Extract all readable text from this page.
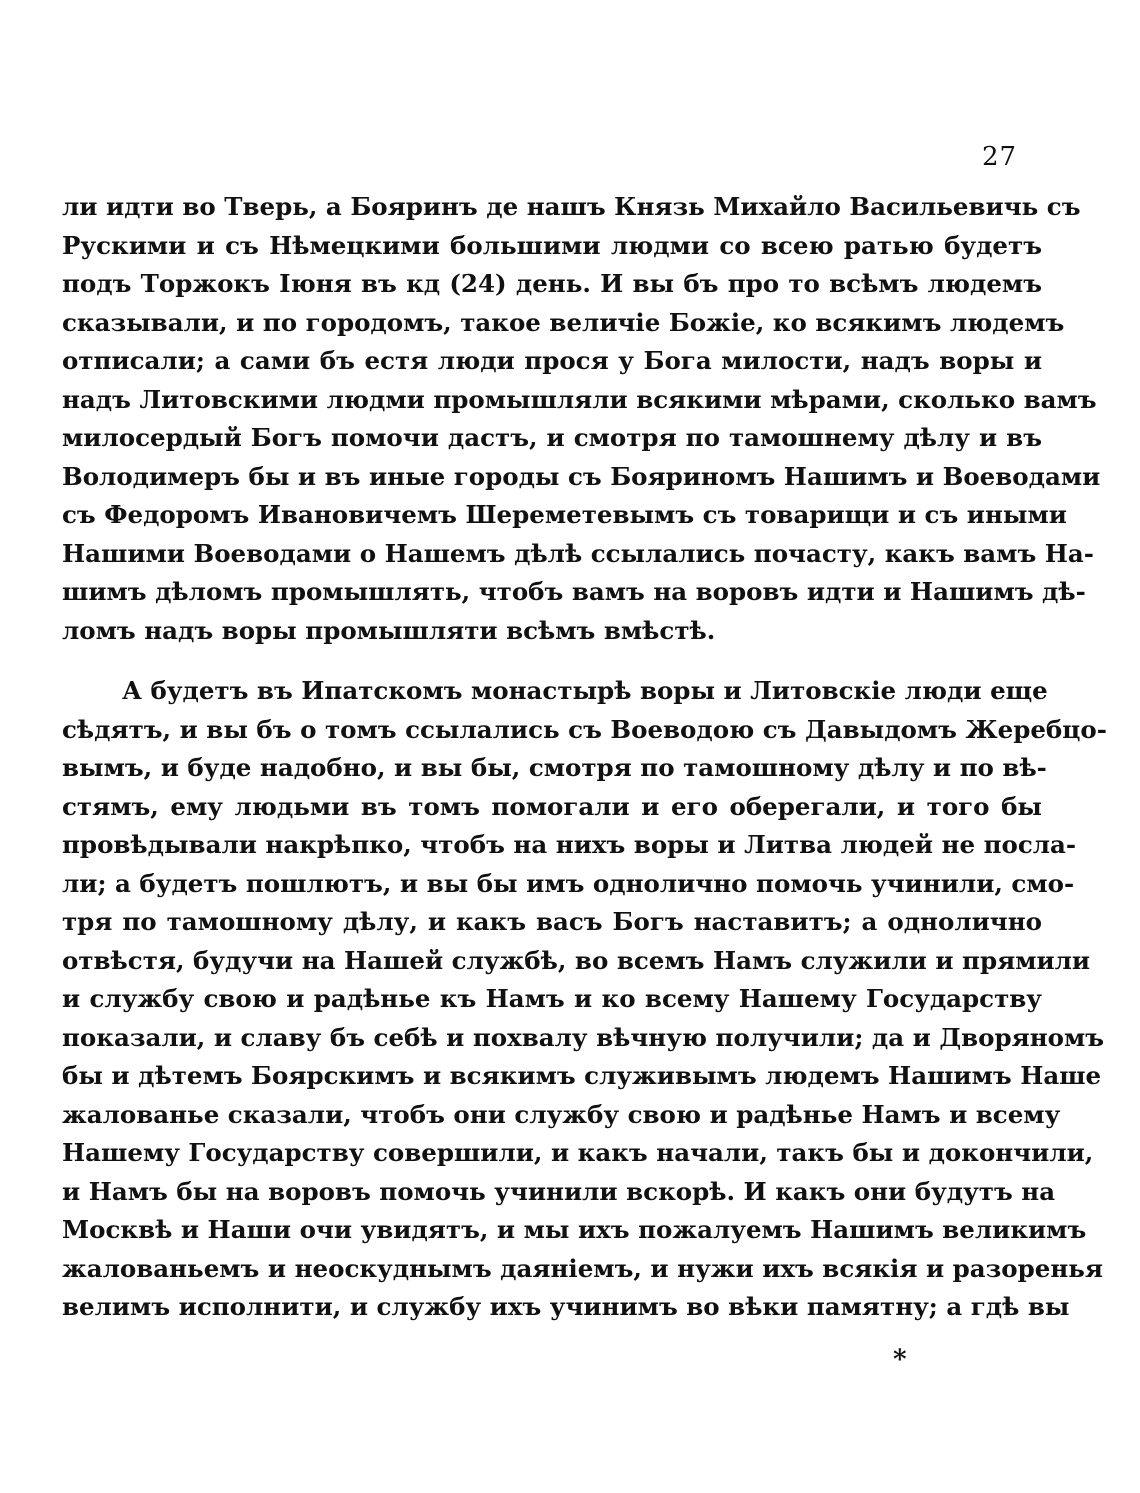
27
ли идти во Тверь, а Бояринъ де нашъ Князь Михайло Васильевичь съ
Рускими и съ Нѣмецкими большими людми со всею ратью будетъ
подъ Торжокъ Іюня въ кд (24) день. И вы бъ про то всѣмъ людемъ
сказывали, и по городомъ, такое величіе Божіе, ко всякимъ людемъ
отписали; а сами бъ естя люди прося у Бога милости, надъ воры и
надъ Литовскими людми промышляли всякими мѣрами, сколько вамъ
милосердый Богъ помочи дастъ, и смотря по тамошнему дѣлу и въ
Володимеръ бы и въ иные городы съ Бояриномъ Нашимъ и Воеводами
съ Федоромъ Ивановичемъ Шереметевымъ съ товарищи и съ иными
Нашими Воеводами о Нашемъ дѣлѣ ссылались почасту, какъ вамъ На-
шимъ дѣломъ промышлять, чтобъ вамъ на воровъ идти и Нашимъ дѣ-
ломъ надъ воры промышляти всѣмъ вмѣстѣ.
А будетъ въ Ипатскомъ монастырѣ воры и Литовскіе люди еще
сѣдятъ, и вы бъ о томъ ссылались съ Воеводою съ Давыдомъ Жеребцо-
вымъ, и буде надобно, и вы бы, смотря по тамошному дѣлу и по вѣ-
стямъ, ему людьми въ томъ помогали и его оберегали, и того бы
провѣдывали накрѣпко, чтобъ на нихъ воры и Литва людей не посла-
ли; а будетъ пошлютъ, и вы бы имъ однолично помочь учинили, смо-
тря по тамошному дѣлу, и какъ васъ Богъ наставитъ; а однолично
отвѣстя, будучи на Нашей службѣ, во всемъ Намъ служили и прямили
и службу свою и радѣнье къ Намъ и ко всему Нашему Государству
показали, и славу бъ себѣ и похвалу вѣчную получили; да и Дворяномъ
бы и дѣтемъ Боярскимъ и всякимъ служивымъ людемъ Нашимъ Наше
жалованье сказали, чтобъ они службу свою и радѣнье Намъ и всему
Нашему Государству совершили, и какъ начали, такъ бы и докончили,
и Намъ бы на воровъ помочь учинили вскорѣ. И какъ они будутъ на
Москвѣ и Наши очи увидятъ, и мы ихъ пожалуемъ Нашимъ великимъ
жалованьемъ и неоскуднымъ даяніемъ, и нужи ихъ всякія и разоренья
велимъ исполнити, и службу ихъ учинимъ во вѣки памятну; а гдѣ вы
*
